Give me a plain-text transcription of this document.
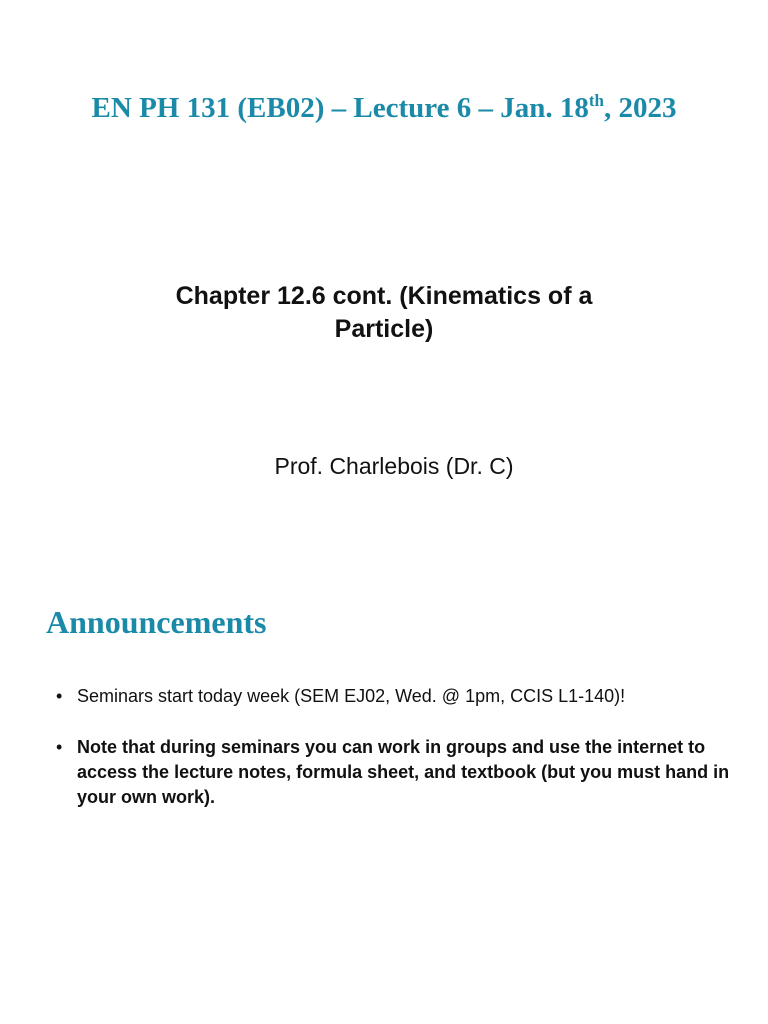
EN PH 131 (EB02) – Lecture 6 – Jan. 18th, 2023
Chapter 12.6 cont. (Kinematics of a
Particle)
Prof. Charlebois (Dr. C)
Announcements
• Seminars start today week (SEM EJ02, Wed. @ 1pm, CCIS L1-140)!
• Note that during seminars you can work in groups and use the internet to access the lecture notes, formula sheet, and textbook (but you must hand in your own work).
